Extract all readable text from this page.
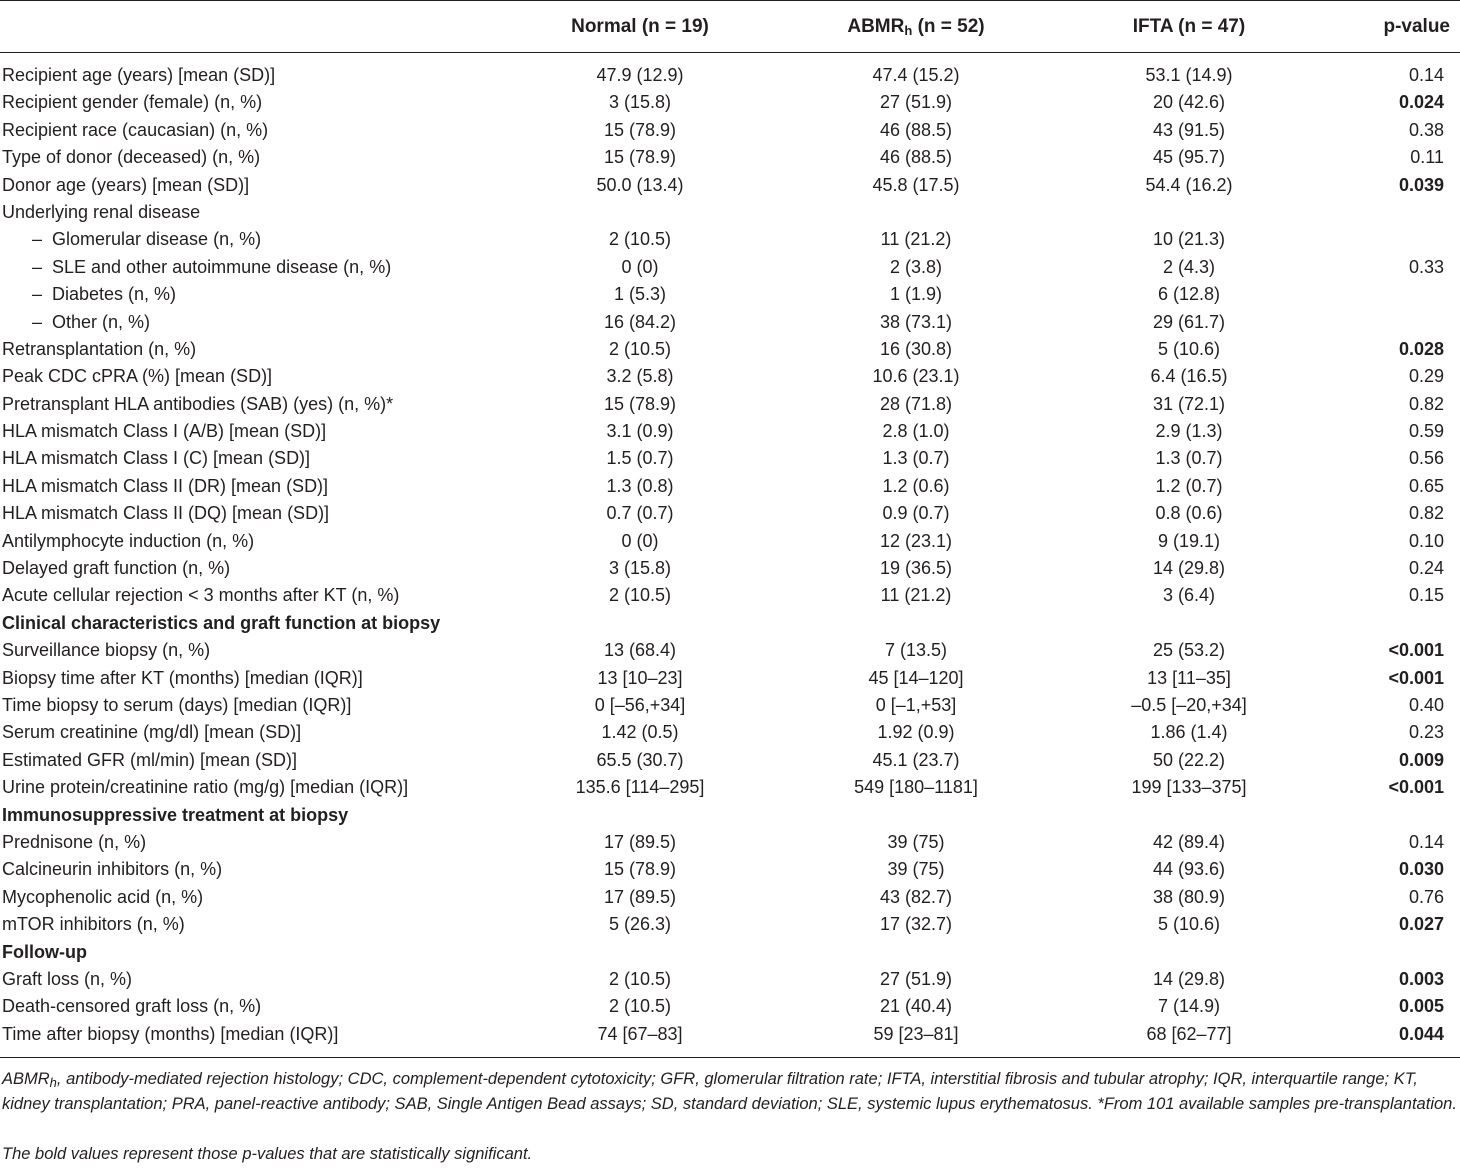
Normal (n = 19)	$ABMR_h$ (n = 52)	IFTA (n = 47)	p-value
Recipient age (years) [mean (SD)]	47.9 (12.9)	47.4 (15.2)	53.1 (14.9)	0.14
Recipient gender (female) (n, %)	3 (15.8)	27 (51.9)	20 (42.6)	0.024
Recipient race (caucasian) (n, %)	15 (78.9)	46 (88.5)	43 (91.5)	0.38
Type of donor (deceased) (n, %)	15 (78.9)	46 (88.5)	45 (95.7)	0.11
Donor age (years) [mean (SD)]	50.0 (13.4)	45.8 (17.5)	54.4 (16.2)	0.039
Underlying renal disease
– Glomerular disease (n, %)	2 (10.5)	11 (21.2)	10 (21.3)
– SLE and other autoimmune disease (n, %)	0 (0)	2 (3.8)	2 (4.3)	0.33
– Diabetes (n, %)	1 (5.3)	1 (1.9)	6 (12.8)
– Other (n, %)	16 (84.2)	38 (73.1)	29 (61.7)
Retransplantation (n, %)	2 (10.5)	16 (30.8)	5 (10.6)	0.028
Peak CDC cPRA (%) [mean (SD)]	3.2 (5.8)	10.6 (23.1)	6.4 (16.5)	0.29
Pretransplant HLA antibodies (SAB) (yes) (n, %)*	15 (78.9)	28 (71.8)	31 (72.1)	0.82
HLA mismatch Class I (A/B) [mean (SD)]	3.1 (0.9)	2.8 (1.0)	2.9 (1.3)	0.59
HLA mismatch Class I (C) [mean (SD)]	1.5 (0.7)	1.3 (0.7)	1.3 (0.7)	0.56
HLA mismatch Class II (DR) [mean (SD)]	1.3 (0.8)	1.2 (0.6)	1.2 (0.7)	0.65
HLA mismatch Class II (DQ) [mean (SD)]	0.7 (0.7)	0.9 (0.7)	0.8 (0.6)	0.82
Antilymphocyte induction (n, %)	0 (0)	12 (23.1)	9 (19.1)	0.10
Delayed graft function (n, %)	3 (15.8)	19 (36.5)	14 (29.8)	0.24
Acute cellular rejection < 3 months after KT (n, %)	2 (10.5)	11 (21.2)	3 (6.4)	0.15
Clinical characteristics and graft function at biopsy
Surveillance biopsy (n, %)	13 (68.4)	7 (13.5)	25 (53.2)	<0.001
Biopsy time after KT (months) [median (IQR)]	13 [10–23]	45 [14–120]	13 [11–35]	<0.001
Time biopsy to serum (days) [median (IQR)]	0 [–56,+34]	0 [–1,+53]	–0.5 [–20,+34]	0.40
Serum creatinine (mg/dl) [mean (SD)]	1.42 (0.5)	1.92 (0.9)	1.86 (1.4)	0.23
Estimated GFR (ml/min) [mean (SD)]	65.5 (30.7)	45.1 (23.7)	50 (22.2)	0.009
Urine protein/creatinine ratio (mg/g) [median (IQR)]	135.6 [114–295]	549 [180–1181]	199 [133–375]	<0.001
Immunosuppressive treatment at biopsy
Prednisone (n, %)	17 (89.5)	39 (75)	42 (89.4)	0.14
Calcineurin inhibitors (n, %)	15 (78.9)	39 (75)	44 (93.6)	0.030
Mycophenolic acid (n, %)	17 (89.5)	43 (82.7)	38 (80.9)	0.76
mTOR inhibitors (n, %)	5 (26.3)	17 (32.7)	5 (10.6)	0.027
Follow-up
Graft loss (n, %)	2 (10.5)	27 (51.9)	14 (29.8)	0.003
Death-censored graft loss (n, %)	2 (10.5)	21 (40.4)	7 (14.9)	0.005
Time after biopsy (months) [median (IQR)]	74 [67–83]	59 [23–81]	68 [62–77]	0.044
$ABMR_h$, antibody-mediated rejection histology; CDC, complement-dependent cytotoxicity; GFR, glomerular filtration rate; IFTA, interstitial fibrosis and tubular atrophy; IQR, interquartile range; KT, kidney transplantation; PRA, panel-reactive antibody; SAB, Single Antigen Bead assays; SD, standard deviation; SLE, systemic lupus erythematosus. *From 101 available samples pre-transplantation.
The bold values represent those p-values that are statistically significant.
